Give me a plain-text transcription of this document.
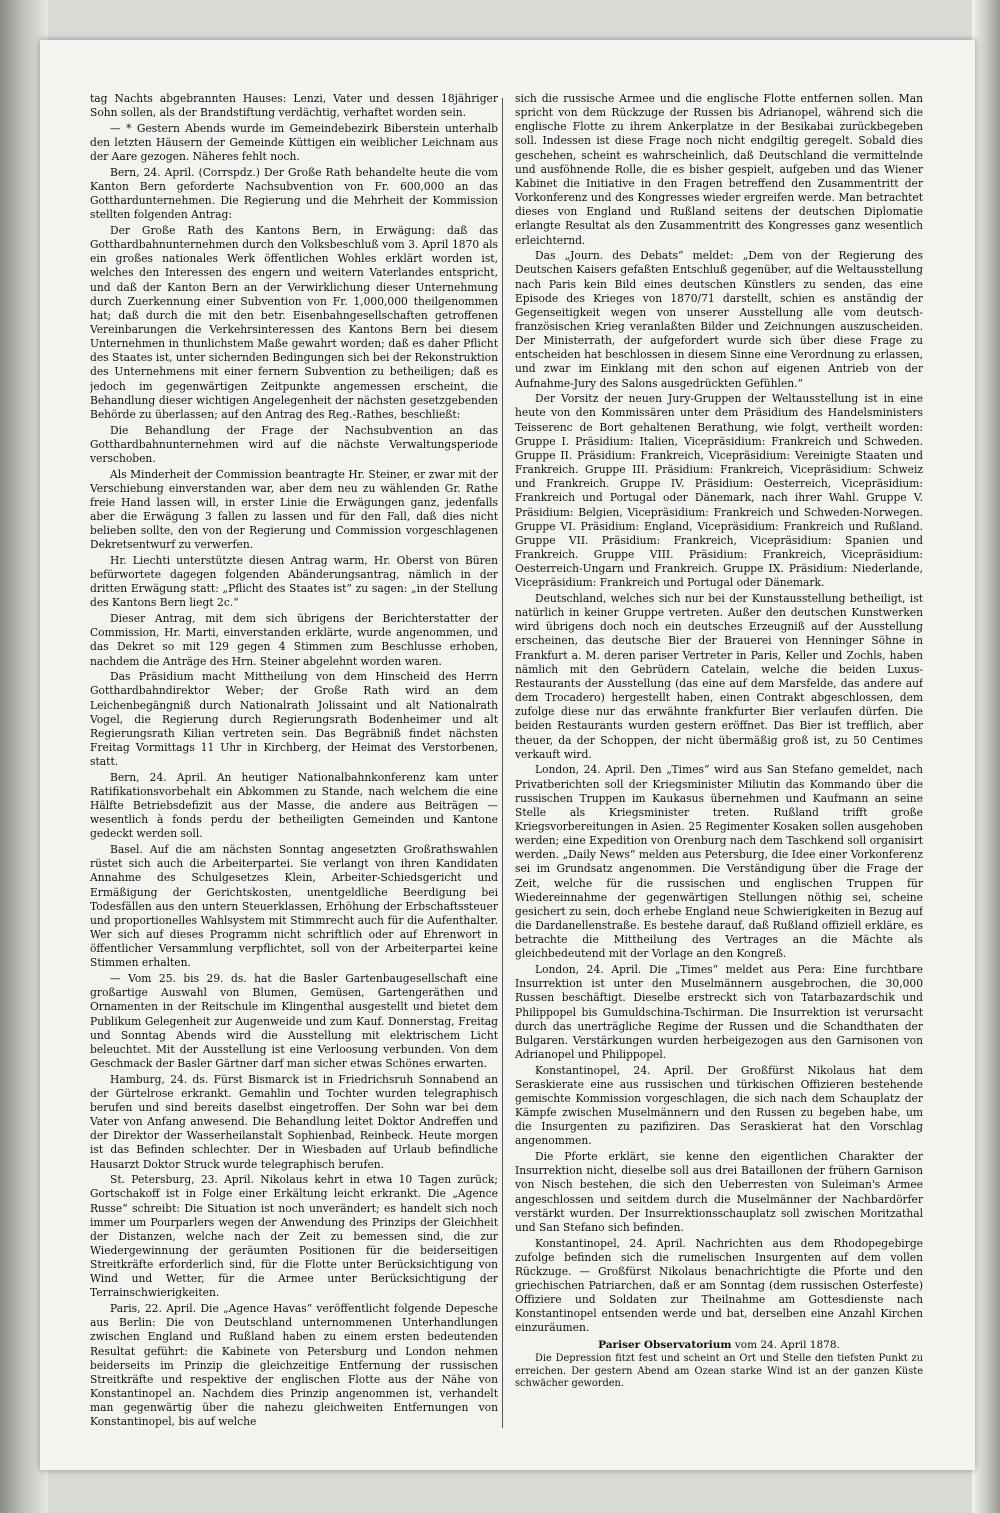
tag Nachts abgebrannten Hauses: Lenzi, Vater und dessen 18jähriger Sohn sollen, als der Brandstiftung verdächtig, verhaftet worden sein.

— * Gestern Abends wurde im Gemeindebezirk Biberstein unterhalb den letzten Häusern der Gemeinde Küttigen ein weiblicher Leichnam aus der Aare gezogen. Näheres fehlt noch.

Bern, 24. April. (Corrspdz.) Der Große Rath behandelte heute die vom Kanton Bern geforderte Nachsubvention von Fr. 600,000 an das Gotthardunternehmen. Die Regierung und die Mehrheit der Kommission stellten folgenden Antrag:

Der Große Rath des Kantons Bern, in Erwägung: daß das Gotthardbahnunternehmen durch den Volksbeschluß vom 3. April 1870 als ein großes nationales Werk öffentlichen Wohles erklärt worden ist, welches den Interessen des engern und weitern Vaterlandes entspricht, und daß der Kanton Bern an der Verwirklichung dieser Unternehmung durch Zuerkennung einer Subvention von Fr. 1,000,000 theilgenommen hat; daß durch die mit den betr. Eisenbahngesellschaften getroffenen Vereinbarungen die Verkehrsinteressen des Kantons Bern bei diesem Unternehmen in thunlichstem Maße gewahrt worden; daß es daher Pflicht des Staates ist, unter sichernden Bedingungen sich bei der Rekonstruktion des Unternehmens mit einer fernern Subvention zu betheiligen; daß es jedoch im gegenwärtigen Zeitpunkte angemessen erscheint, die Behandlung dieser wichtigen Angelegenheit der nächsten gesetzgebenden Behörde zu überlassen; auf den Antrag des Reg.-Rathes, beschließt:

Die Behandlung der Frage der Nachsubvention an das Gotthardbahnunternehmen wird auf die nächste Verwaltungsperiode verschoben.

Als Minderheit der Commission beantragte Hr. Steiner, er zwar mit der Verschiebung einverstanden war, aber dem neu zu wählenden Gr. Rathe freie Hand lassen will, in erster Linie die Erwägungen ganz, jedenfalls aber die Erwägung 3 fallen zu lassen und für den Fall, daß dies nicht belieben sollte, den von der Regierung und Commission vorgeschlagenen Dekretsentwurf zu verwerfen.

Hr. Liechti unterstützte diesen Antrag warm, Hr. Oberst von Büren befürwortete dagegen folgenden Abänderungsantrag, nämlich in der dritten Erwägung statt: „Pflicht des Staates ist“ zu sagen: „in der Stellung des Kantons Bern liegt 2c.“

Dieser Antrag, mit dem sich übrigens der Berichterstatter der Commission, Hr. Marti, einverstanden erklärte, wurde angenommen, und das Dekret so mit 129 gegen 4 Stimmen zum Beschlusse erhoben, nachdem die Anträge des Hrn. Steiner abgelehnt worden waren.

Das Präsidium macht Mittheilung von dem Hinscheid des Herrn Gotthardbahndirektor Weber; der Große Rath wird an dem Leichenbegängniß durch Nationalrath Jolissaint und alt Nationalrath Vogel, die Regierung durch Regierungsrath Bodenheimer und alt Regierungsrath Kilian vertreten sein. Das Begräbniß findet nächsten Freitag Vormittags 11 Uhr in Kirchberg, der Heimat des Verstorbenen, statt.

Bern, 24. April. An heutiger Nationalbahnkonferenz kam unter Ratifikationsvorbehalt ein Abkommen zu Stande, nach welchem die eine Hälfte Betriebsdefizit aus der Masse, die andere aus Beiträgen — wesentlich à fonds perdu der betheiligten Gemeinden und Kantone gedeckt werden soll.

Basel. Auf die am nächsten Sonntag angesetzten Großrathswahlen rüstet sich auch die Arbeiterpartei. Sie verlangt von ihren Kandidaten Annahme des Schulgesetzes Klein, Arbeiter-Schiedsgericht und Ermäßigung der Gerichtskosten, unentgeldliche Beerdigung bei Todesfällen aus den untern Steuerklassen, Erhöhung der Erbschaftssteuer und proportionelles Wahlsystem mit Stimmrecht auch für die Aufenthalter. Wer sich auf dieses Programm nicht schriftlich oder auf Ehrenwort in öffentlicher Versammlung verpflichtet, soll von der Arbeiterpartei keine Stimmen erhalten.

— Vom 25. bis 29. ds. hat die Basler Gartenbaugesellschaft eine großartige Auswahl von Blumen, Gemüsen, Gartengeräthen und Ornamenten in der Reitschule im Klingenthal ausgestellt und bietet dem Publikum Gelegenheit zur Augenweide und zum Kauf. Donnerstag, Freitag und Sonntag Abends wird die Ausstellung mit elektrischem Licht beleuchtet. Mit der Ausstellung ist eine Verloosung verbunden. Von dem Geschmack der Basler Gärtner darf man sicher etwas Schönes erwarten.

Hamburg, 24. ds. Fürst Bismarck ist in Friedrichsruh Sonnabend an der Gürtelrose erkrankt. Gemahlin und Tochter wurden telegraphisch berufen und sind bereits daselbst eingetroffen. Der Sohn war bei dem Vater von Anfang anwesend. Die Behandlung leitet Doktor Andreffen und der Direktor der Wasserheilanstalt Sophienbad, Reinbeck. Heute morgen ist das Befinden schlechter. Der in Wiesbaden auf Urlaub befindliche Hausarzt Doktor Struck wurde telegraphisch berufen.

St. Petersburg, 23. April. Nikolaus kehrt in etwa 10 Tagen zurück; Gortschakoff ist in Folge einer Erkältung leicht erkrankt. Die „Agence Russe“ schreibt: Die Situation ist noch unverändert; es handelt sich noch immer um Pourparlers wegen der Anwendung des Prinzips der Gleichheit der Distanzen, welche nach der Zeit zu bemessen sind, die zur Wiedergewinnung der geräumten Positionen für die beiderseitigen Streitkräfte erforderlich sind, für die Flotte unter Berücksichtigung von Wind und Wetter, für die Armee unter Berücksichtigung der Terrainschwierigkeiten.

Paris, 22. April. Die „Agence Havas“ veröffentlicht folgende Depesche aus Berlin: Die von Deutschland unternommenen Unterhandlungen zwischen England und Rußland haben zu einem ersten bedeutenden Resultat geführt: die Kabinete von Petersburg und London nehmen beiderseits im Prinzip die gleichzeitige Entfernung der russischen Streitkräfte und respektive der englischen Flotte aus der Nähe von Konstantinopel an. Nachdem dies Prinzip angenommen ist, verhandelt man gegenwärtig über die nahezu gleichweiten Entfernungen von Konstantinopel, bis auf welche

sich die russische Armee und die englische Flotte entfernen sollen. Man spricht von dem Rückzuge der Russen bis Adrianopel, während sich die englische Flotte zu ihrem Ankerplatze in der Besikabai zurückbegeben soll. Indessen ist diese Frage noch nicht endgiltig geregelt. Sobald dies geschehen, scheint es wahrscheinlich, daß Deutschland die vermittelnde und ausföhnende Rolle, die es bisher gespielt, aufgeben und das Wiener Kabinet die Initiative in den Fragen betreffend den Zusammentritt der Vorkonferenz und des Kongresses wieder ergreifen werde. Man betrachtet dieses von England und Rußland seitens der deutschen Diplomatie erlangte Resultat als den Zusammentritt des Kongresses ganz wesentlich erleichternd.

Das „Journ. des Debats“ meldet: „Dem von der Regierung des Deutschen Kaisers gefaßten Entschluß gegenüber, auf die Weltausstellung nach Paris kein Bild eines deutschen Künstlers zu senden, das eine Episode des Krieges von 1870/71 darstellt, schien es anständig der Gegenseitigkeit wegen von unserer Ausstellung alle vom deutsch-französischen Krieg veranlaßten Bilder und Zeichnungen auszuscheiden. Der Ministerrath, der aufgefordert wurde sich über diese Frage zu entscheiden hat beschlossen in diesem Sinne eine Verordnung zu erlassen, und zwar im Einklang mit den schon auf eigenen Antrieb von der Aufnahme-Jury des Salons ausgedrückten Gefühlen.“

Der Vorsitz der neuen Jury-Gruppen der Weltausstellung ist in eine heute von den Kommissären unter dem Präsidium des Handelsministers Teisserenc de Bort gehaltenen Berathung, wie folgt, vertheilt worden: Gruppe I. Präsidium: Italien, Vicepräsidium: Frankreich und Schweden. Gruppe II. Präsidium: Frankreich, Vicepräsidium: Vereinigte Staaten und Frankreich. Gruppe III. Präsidium: Frankreich, Vicepräsidium: Schweiz und Frankreich. Gruppe IV. Präsidium: Oesterreich, Vicepräsidium: Frankreich und Portugal oder Dänemark, nach ihrer Wahl. Gruppe V. Präsidium: Belgien, Vicepräsidium: Frankreich und Schweden-Norwegen. Gruppe VI. Präsidium: England, Vicepräsidium: Frankreich und Rußland. Gruppe VII. Präsidium: Frankreich, Vicepräsidium: Spanien und Frankreich. Gruppe VIII. Präsidium: Frankreich, Vicepräsidium: Oesterreich-Ungarn und Frankreich. Gruppe IX. Präsidium: Niederlande, Vicepräsidium: Frankreich und Portugal oder Dänemark.

Deutschland, welches sich nur bei der Kunstausstellung betheiligt, ist natürlich in keiner Gruppe vertreten. Außer den deutschen Kunstwerken wird übrigens doch noch ein deutsches Erzeugniß auf der Ausstellung erscheinen, das deutsche Bier der Brauerei von Henninger Söhne in Frankfurt a. M. deren pariser Vertreter in Paris, Keller und Zochls, haben nämlich mit den Gebrüdern Catelain, welche die beiden Luxus-Restaurants der Ausstellung (das eine auf dem Marsfelde, das andere auf dem Trocadero) hergestellt haben, einen Contrakt abgeschlossen, dem zufolge diese nur das erwähnte frankfurter Bier verlaufen dürfen. Die beiden Restaurants wurden gestern eröffnet. Das Bier ist trefflich, aber theuer, da der Schoppen, der nicht übermäßig groß ist, zu 50 Centimes verkauft wird.

London, 24. April. Den „Times“ wird aus San Stefano gemeldet, nach Privatberichten soll der Kriegsminister Miliutin das Kommando über die russischen Truppen im Kaukasus übernehmen und Kaufmann an seine Stelle als Kriegsminister treten. Rußland trifft große Kriegsvorbereitungen in Asien. 25 Regimenter Kosaken sollen ausgehoben werden; eine Expedition von Orenburg nach dem Taschkend soll organisirt werden. „Daily News“ melden aus Petersburg, die Idee einer Vorkonferenz sei im Grundsatz angenommen. Die Verständigung über die Frage der Zeit, welche für die russischen und englischen Truppen für Wiedereinnahme der gegenwärtigen Stellungen nöthig sei, scheine gesichert zu sein, doch erhebe England neue Schwierigkeiten in Bezug auf die Dardanellenstraße. Es bestehe darauf, daß Rußland offiziell erkläre, es betrachte die Mittheilung des Vertrages an die Mächte als gleichbedeutend mit der Vorlage an den Kongreß.

London, 24. April. Die „Times“ meldet aus Pera: Eine furchtbare Insurrektion ist unter den Muselmännern ausgebrochen, die 30,000 Russen beschäftigt. Dieselbe erstreckt sich von Tatarbazardschik und Philippopel bis Gumuldschina-Tschirman. Die Insurrektion ist verursacht durch das unerträgliche Regime der Russen und die Schandthaten der Bulgaren. Verstärkungen wurden herbeigezogen aus den Garnisonen von Adrianopel und Philippopel.

Konstantinopel, 24. April. Der Großfürst Nikolaus hat dem Seraskierate eine aus russischen und türkischen Offizieren bestehende gemischte Kommission vorgeschlagen, die sich nach dem Schauplatz der Kämpfe zwischen Muselmännern und den Russen zu begeben habe, um die Insurgenten zu pazifiziren. Das Seraskierat hat den Vorschlag angenommen.

Die Pforte erklärt, sie kenne den eigentlichen Charakter der Insurrektion nicht, dieselbe soll aus drei Bataillonen der frühern Garnison von Nisch bestehen, die sich den Ueberresten von Suleiman's Armee angeschlossen und seitdem durch die Muselmänner der Nachbardörfer verstärkt wurden. Der Insurrektionsschauplatz soll zwischen Moritzathal und San Stefano sich befinden.

Konstantinopel, 24. April. Nachrichten aus dem Rhodopegebirge zufolge befinden sich die rumelischen Insurgenten auf dem vollen Rückzuge. — Großfürst Nikolaus benachrichtigte die Pforte und den griechischen Patriarchen, daß er am Sonntag (dem russischen Osterfeste) Offiziere und Soldaten zur Theilnahme am Gottesdienste nach Konstantinopel entsenden werde und bat, derselben eine Anzahl Kirchen einzuräumen.

Pariser Observatorium vom 24. April 1878.

Die Depression fitzt fest und scheint an Ort und Stelle den tiefsten Punkt zu erreichen. Der gestern Abend am Ozean starke Wind ist an der ganzen Küste schwächer geworden.
